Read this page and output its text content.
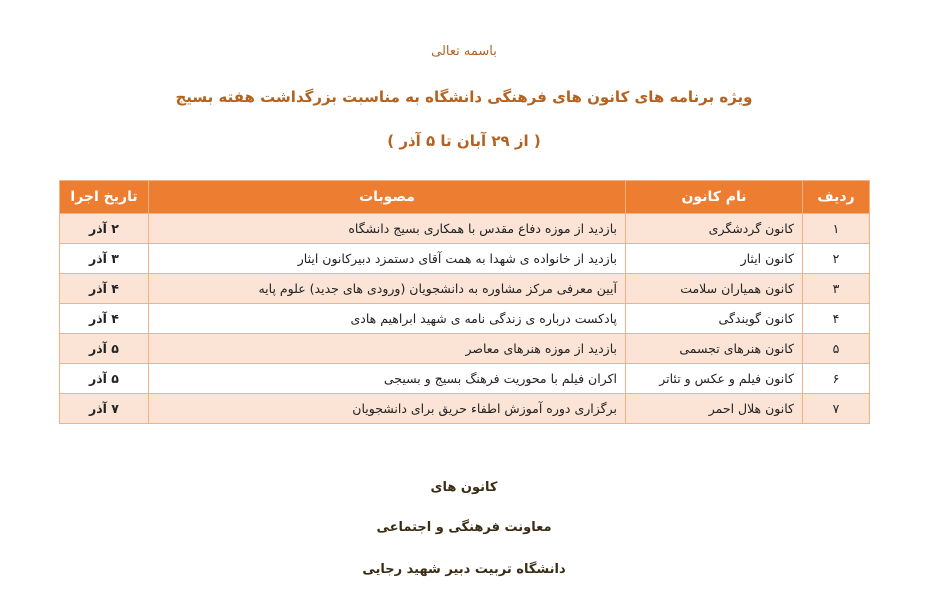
باسمه تعالی
ویژه برنامه های کانون های فرهنگی دانشگاه به مناسبت بزرگداشت هفته بسیج
( از ۲۹ آبان تا ۵ آذر )
ردیف	نام کانون	مصوبات	تاریخ اجرا
۱	کانون گردشگری	بازدید از موزه دفاع مقدس با همکاری بسیج دانشگاه	۲ آذر
۲	کانون ایثار	بازدید از خانواده ی شهدا به همت آقای دستمزد دبیرکانون ایثار	۳ آذر
۳	کانون همیاران سلامت	آیین معرفی مرکز مشاوره به دانشجویان (ورودی های جدید) علوم پایه	۴ آذر
۴	کانون گویندگی	پادکست درباره ی زندگی نامه ی شهید ابراهیم هادی	۴ آذر
۵	کانون هنرهای تجسمی	بازدید از موزه هنرهای معاصر	۵ آذر
۶	کانون فیلم و عکس و تئاتر	اکران فیلم با محوریت فرهنگ بسیج و بسیجی	۵ آذر
۷	کانون هلال احمر	برگزاری دوره آموزش اطفاء حریق برای دانشجویان	۷ آذر
کانون های
معاونت فرهنگی و اجتماعی
دانشگاه تربیت دبیر شهید رجایی
